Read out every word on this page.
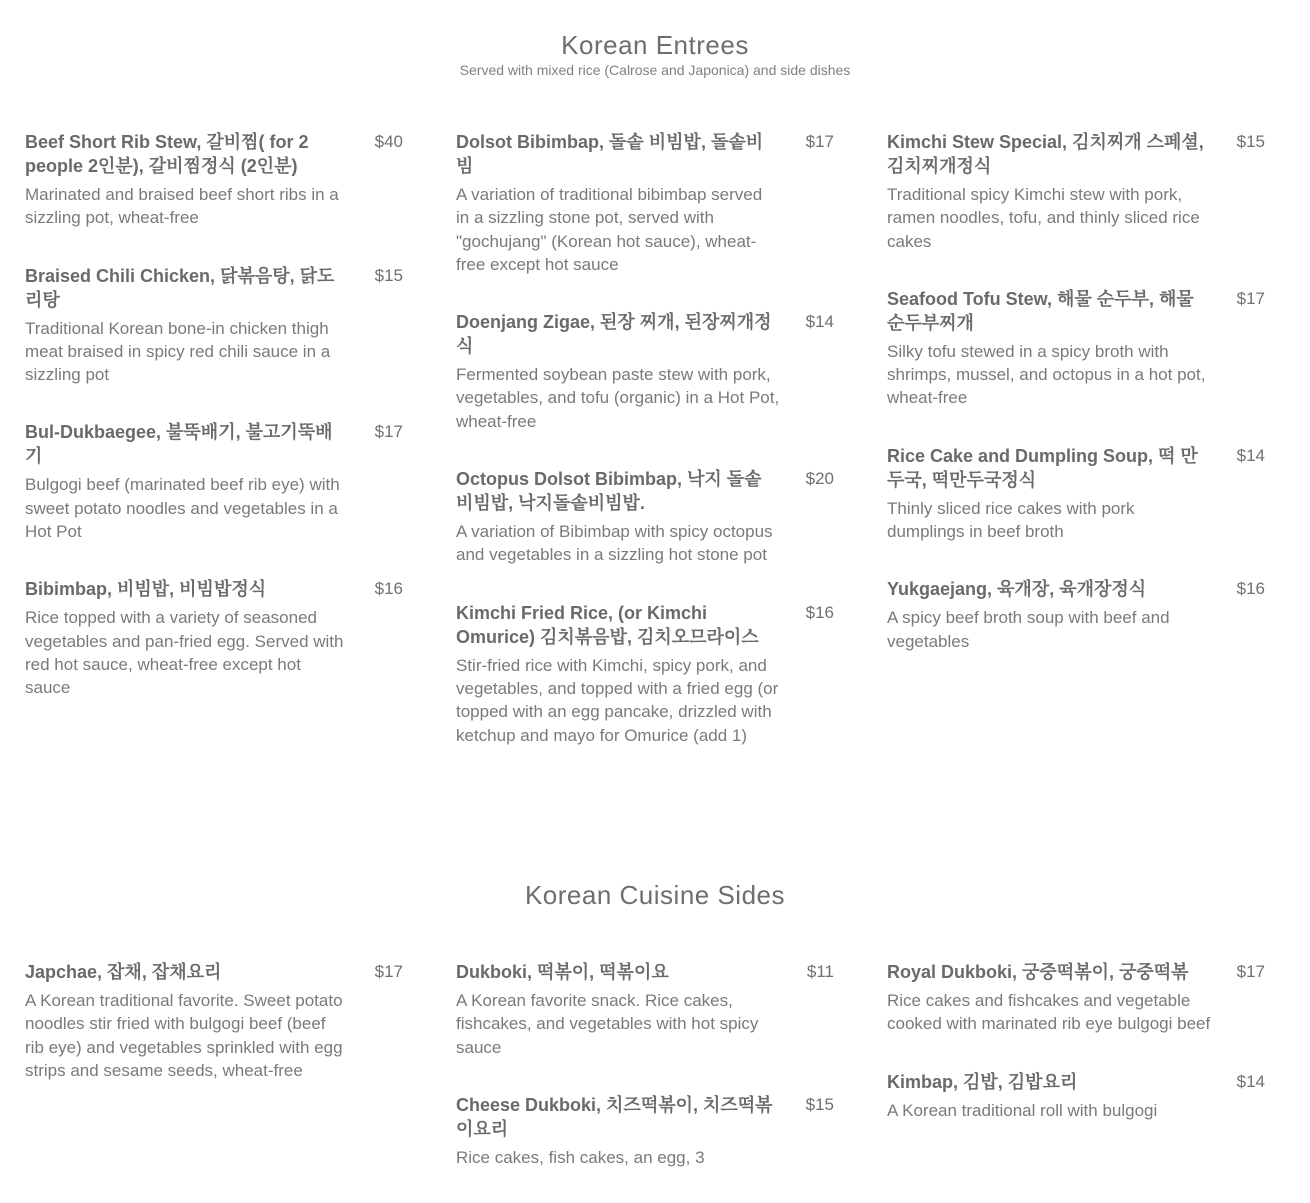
Korean Entrees
Served with mixed rice (Calrose and Japonica) and side dishes
Beef Short Rib Stew, 갈비찜( for 2 people 2인분), 갈비찜정식 (2인분)
$40
Marinated and braised beef short ribs in a sizzling pot, wheat-free
Braised Chili Chicken, 닭볶음탕, 닭도리탕
$15
Traditional Korean bone-in chicken thigh meat braised in spicy red chili sauce in a sizzling pot
Bul-Dukbaegee, 불뚝배기, 불고기뚝배기
$17
Bulgogi beef (marinated beef rib eye) with sweet potato noodles and vegetables in a Hot Pot
Bibimbap, 비빔밥, 비빔밥정식	$16
Rice topped with a variety of seasoned vegetables and pan-fried egg. Served with red hot sauce, wheat-free except hot sauce
Dolsot Bibimbap, 돌솥 비빔밥, 돌솥비빔
$17
A variation of traditional bibimbap served in a sizzling stone pot, served with "gochujang" (Korean hot sauce), wheat-free except hot sauce
Doenjang Zigae, 된장 찌개, 된장찌개정식
$14
Fermented soybean paste stew with pork, vegetables, and tofu (organic) in a Hot Pot, wheat-free
Octopus Dolsot Bibimbap, 낙지 돌솥 비빔밥, 낙지돌솥비빔밥.
$20
A variation of Bibimbap with spicy octopus and vegetables in a sizzling hot stone pot
Kimchi Fried Rice, (or Kimchi Omurice) 김치볶음밥, 김치오므라이스
$16
Stir-fried rice with Kimchi, spicy pork, and vegetables, and topped with a fried egg (or topped with an egg pancake, drizzled with ketchup and mayo for Omurice (add 1)
Kimchi Stew Special, 김치찌개 스페셜, 김치찌개정식
$15
Traditional spicy Kimchi stew with pork, ramen noodles, tofu, and thinly sliced rice cakes
Seafood Tofu Stew, 해물 순두부, 해물순두부찌개
$17
Silky tofu stewed in a spicy broth with shrimps, mussel, and octopus in a hot pot, wheat-free
Rice Cake and Dumpling Soup, 떡 만두국, 떡만두국정식
$14
Thinly sliced rice cakes with pork dumplings in beef broth
Yukgaejang, 육개장, 육개장정식	$16
A spicy beef broth soup with beef and vegetables
Korean Cuisine Sides
Japchae, 잡채, 잡채요리	$17
A Korean traditional favorite. Sweet potato noodles stir fried with bulgogi beef (beef rib eye) and vegetables sprinkled with egg strips and sesame seeds, wheat-free
Dukboki, 떡볶이, 떡볶이요	$11
A Korean favorite snack. Rice cakes, fishcakes, and vegetables with hot spicy sauce
Cheese Dukboki, 치즈떡볶이, 치즈떡볶이요리
$15
Rice cakes, fish cakes, an egg, 3
Royal Dukboki, 궁중떡볶이, 궁중떡볶	$17
Rice cakes and fishcakes and vegetable cooked with marinated rib eye bulgogi beef
Kimbap, 김밥, 김밥요리	$14
A Korean traditional roll with bulgogi
